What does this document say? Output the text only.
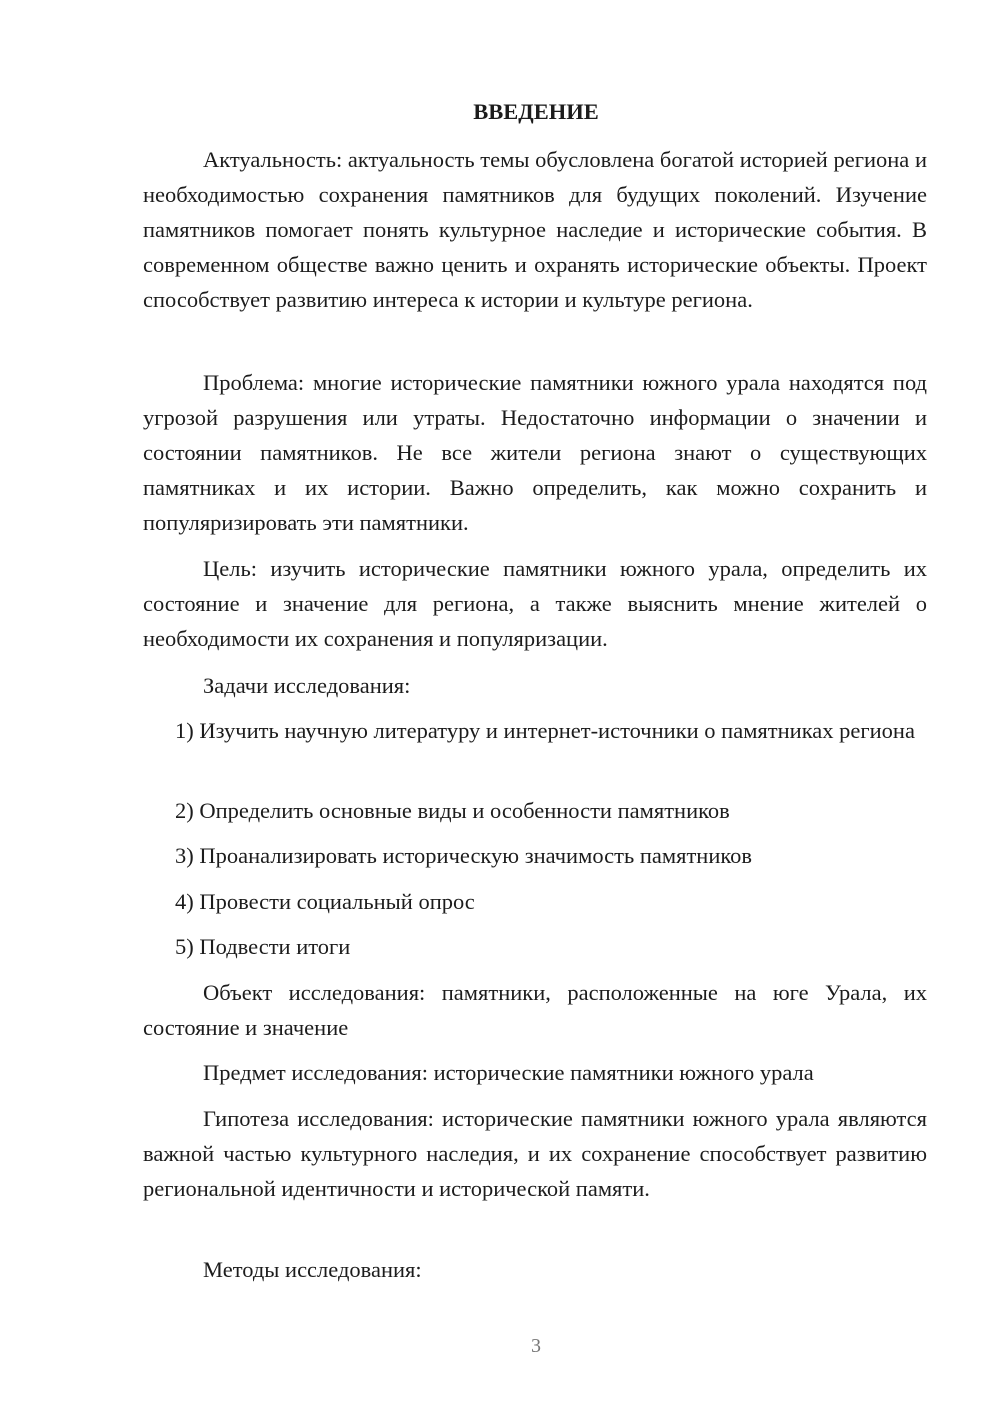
ВВЕДЕНИЕ

Актуальность: актуальность темы обусловлена богатой историей региона и необходимостью сохранения памятников для будущих поколений. Изучение памятников помогает понять культурное наследие и исторические события. В современном обществе важно ценить и охранять исторические объекты. Проект способствует развитию интереса к истории и культуре региона.

Проблема: многие исторические памятники южного урала находятся под угрозой разрушения или утраты. Недостаточно информации о значении и состоянии памятников. Не все жители региона знают о существующих памятниках и их истории. Важно определить, как можно сохранить и популяризировать эти памятники.

Цель: изучить исторические памятники южного урала, определить их состояние и значение для региона, а также выяснить мнение жителей о необходимости их сохранения и популяризации.

Задачи исследования:

1) Изучить научную литературу и интернет-источники о памятниках региона

2) Определить основные виды и особенности памятников

3) Проанализировать историческую значимость памятников

4) Провести социальный опрос

5) Подвести итоги

Объект исследования: памятники, расположенные на юге Урала, их состояние и значение

Предмет исследования: исторические памятники южного урала

Гипотеза исследования: исторические памятники южного урала являются важной частью культурного наследия, и их сохранение способствует развитию региональной идентичности и исторической памяти.

Методы исследования:

3
